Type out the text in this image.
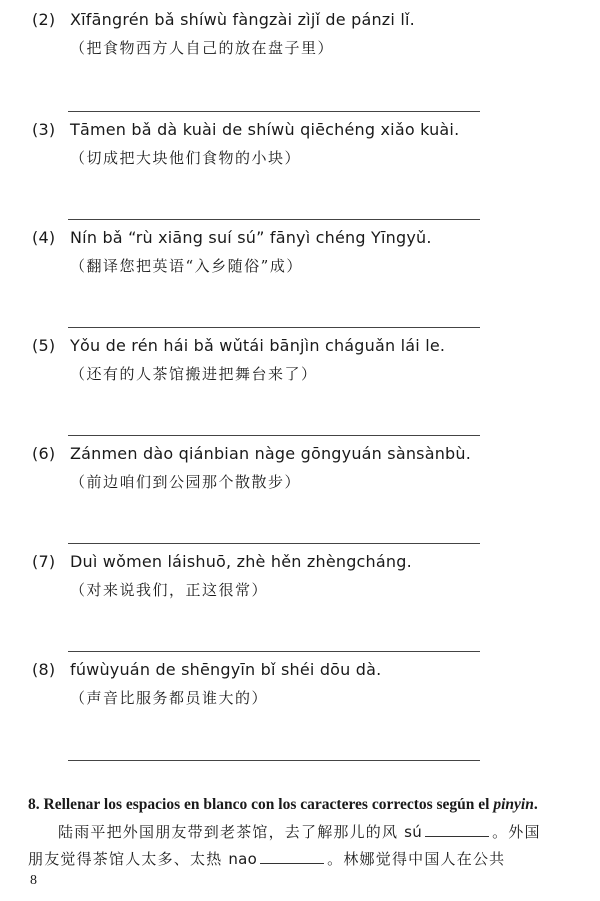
(2) Xīfāngrén bǎ shíwù fàngzài zìjǐ de pánzi lǐ.
（把食物西方人自己的放在盘子里）
(3) Tāmen bǎ dà kuài de shíwù qiēchéng xiǎo kuài.
（切成把大块他们食物的小块）
(4) Nín bǎ “rù xiāng suí sú” fānyì chéng Yīngyǔ.
（翻译您把英语“入乡随俗”成）
(5) Yǒu de rén hái bǎ wǔtái bānjìn cháguǎn lái le.
（还有的人茶馆搬进把舞台来了）
(6) Zánmen dào qiánbian nàge gōngyuán sànsànbù.
（前边咱们到公园那个散散步）
(7) Duì wǒmen láishuō, zhè hěn zhèngcháng.
（对来说我们，正这很常）
(8) fúwùyuán de shēngyīn bǐ shéi dōu dà.
（声音比服务都员谁大的）
8. Rellenar los espacios en blanco con los caracteres correctos según el pinyin.
陆雨平把外国朋友带到老茶馆，去了解那儿的风 sú	。外国
朋友觉得茶馆人太多、太热 nao	。林娜觉得中国人在公共
8
